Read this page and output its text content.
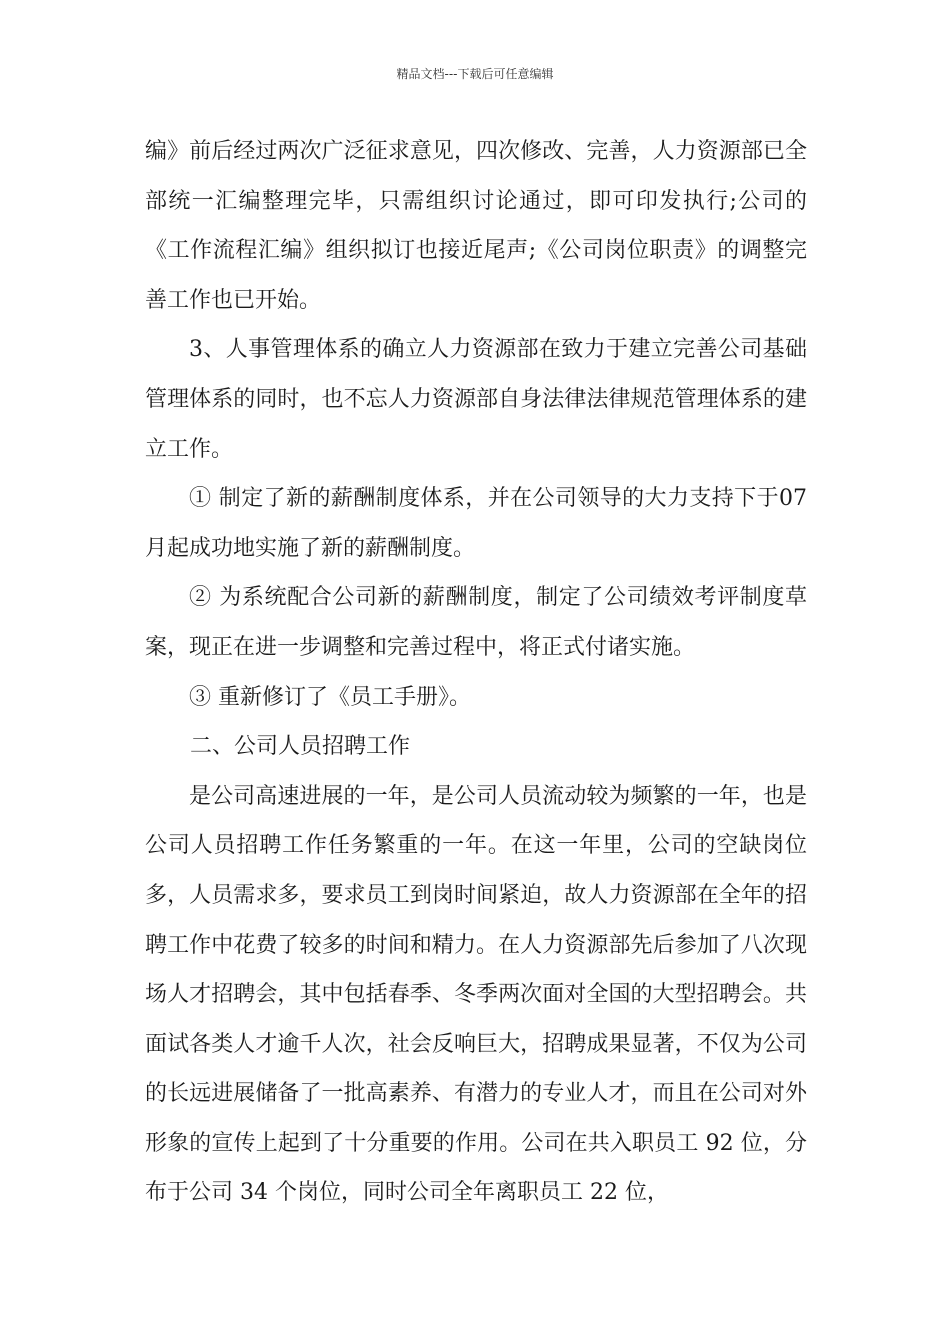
精品文档---下载后可任意编辑

编》前后经过两次广泛征求意见，四次修改、完善，人力资源部已全部统一汇编整理完毕，只需组织讨论通过，即可印发执行;公司的《工作流程汇编》组织拟订也接近尾声;《公司岗位职责》的调整完善工作也已开始。

3、人事管理体系的确立人力资源部在致力于建立完善公司基础管理体系的同时，也不忘人力资源部自身法律法律规范管理体系的建立工作。

① 制定了新的薪酬制度体系，并在公司领导的大力支持下于07月起成功地实施了新的薪酬制度。

② 为系统配合公司新的薪酬制度，制定了公司绩效考评制度草案，现正在进一步调整和完善过程中，将正式付诸实施。

③ 重新修订了《员工手册》。

二、公司人员招聘工作

是公司高速进展的一年，是公司人员流动较为频繁的一年，也是公司人员招聘工作任务繁重的一年。在这一年里，公司的空缺岗位多，人员需求多，要求员工到岗时间紧迫，故人力资源部在全年的招聘工作中花费了较多的时间和精力。在人力资源部先后参加了八次现场人才招聘会，其中包括春季、冬季两次面对全国的大型招聘会。共面试各类人才逾千人次，社会反响巨大，招聘成果显著，不仅为公司的长远进展储备了一批高素养、有潜力的专业人才，而且在公司对外形象的宣传上起到了十分重要的作用。公司在共入职员工 92 位，分布于公司 34 个岗位，同时公司全年离职员工 22 位，
